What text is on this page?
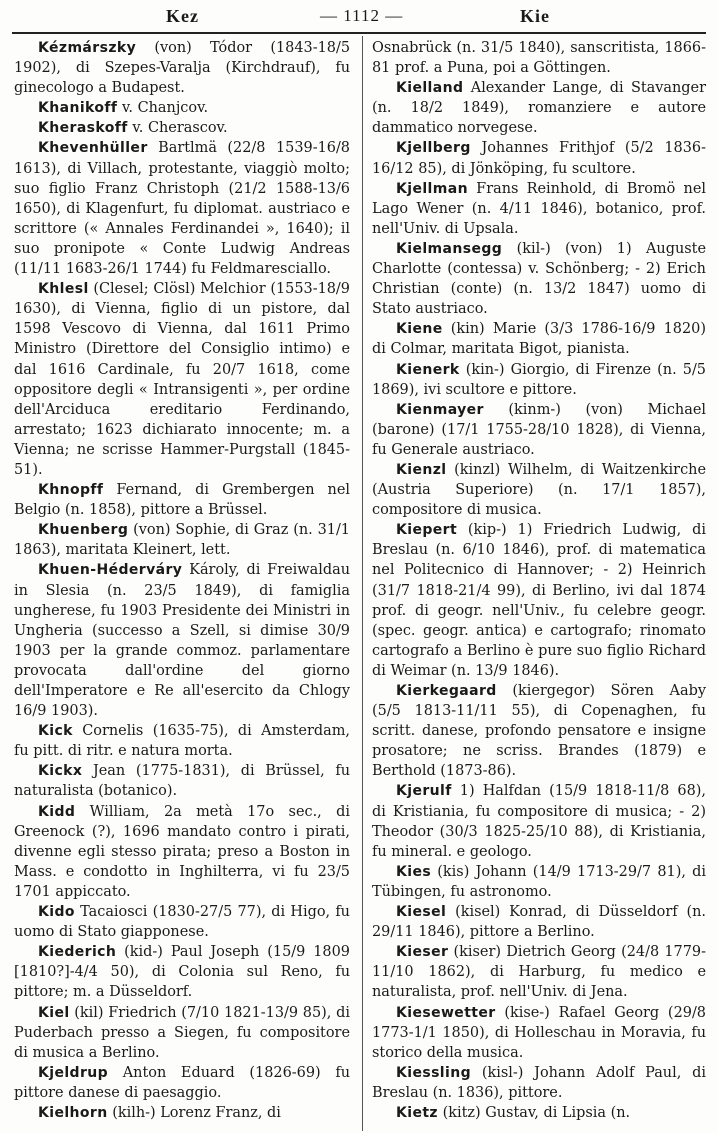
Kez	— 1112 —	Kie

Kézmárszky (von) Tódor (1843-18/5 1902), di Szepes-Varalja (Kirchdrauf), fu ginecologo a Budapest.

Khanikoff v. Chanjcov.

Kheraskoff v. Cherascov.

Khevenhüller Bartlmä (22/8 1539-16/8 1613), di Villach, protestante, viaggiò molto; suo figlio Franz Christoph (21/2 1588-13/6 1650), di Klagenfurt, fu diplomat. austriaco e scrittore (« Annales Ferdinandei », 1640); il suo pronipote « Conte Ludwig Andreas (11/11 1683-26/1 1744) fu Feldmaresciallo.

Khlesl (Clesel; Clösl) Melchior (1553-18/9 1630), di Vienna, figlio di un pistore, dal 1598 Vescovo di Vienna, dal 1611 Primo Ministro (Direttore del Consiglio intimo) e dal 1616 Cardinale, fu 20/7 1618, come oppositore degli « Intransigenti », per ordine dell'Arciduca ereditario Ferdinando, arrestato; 1623 dichiarato innocente; m. a Vienna; ne scrisse Hammer-Purgstall (1845-51).

Khnopff Fernand, di Grembergen nel Belgio (n. 1858), pittore a Brüssel.

Khuenberg (von) Sophie, di Graz (n. 31/1 1863), maritata Kleinert, lett.

Khuen-Héderváry Károly, di Freiwaldau in Slesia (n. 23/5 1849), di famiglia ungherese, fu 1903 Presidente dei Ministri in Ungheria (successo a Szell, si dimise 30/9 1903 per la grande commoz. parlamentare provocata dall'ordine del giorno dell'Imperatore e Re all'esercito da Chlogy 16/9 1903).

Kick Cornelis (1635-75), di Amsterdam, fu pitt. di ritr. e natura morta.

Kickx Jean (1775-1831), di Brüssel, fu naturalista (botanico).

Kidd William, 2a metà 17o sec., di Greenock (?), 1696 mandato contro i pirati, divenne egli stesso pirata; preso a Boston in Mass. e condotto in Inghilterra, vi fu 23/5 1701 appiccato.

Kido Tacaiosci (1830-27/5 77), di Higo, fu uomo di Stato giapponese.

Kiederich (kid-) Paul Joseph (15/9 1809 [1810?]-4/4 50), di Colonia sul Reno, fu pittore; m. a Düsseldorf.

Kiel (kil) Friedrich (7/10 1821-13/9 85), di Puderbach presso a Siegen, fu compositore di musica a Berlino.

Kjeldrup Anton Eduard (1826-69) fu pittore danese di paesaggio.

Kielhorn (kilh-) Lorenz Franz, di

Osnabrück (n. 31/5 1840), sanscritista, 1866-81 prof. a Puna, poi a Göttingen.

Kielland Alexander Lange, di Stavanger (n. 18/2 1849), romanziere e autore dammatico norvegese.

Kjellberg Johannes Frithjof (5/2 1836-16/12 85), di Jönköping, fu scultore.

Kjellman Frans Reinhold, di Bromö nel Lago Wener (n. 4/11 1846), botanico, prof. nell'Univ. di Upsala.

Kielmansegg (kil-) (von) 1) Auguste Charlotte (contessa) v. Schönberg; - 2) Erich Christian (conte) (n. 13/2 1847) uomo di Stato austriaco.

Kiene (kin) Marie (3/3 1786-16/9 1820) di Colmar, maritata Bigot, pianista.

Kienerk (kin-) Giorgio, di Firenze (n. 5/5 1869), ivi scultore e pittore.

Kienmayer (kinm-) (von) Michael (barone) (17/1 1755-28/10 1828), di Vienna, fu Generale austriaco.

Kienzl (kinzl) Wilhelm, di Waitzenkirche (Austria Superiore) (n. 17/1 1857), compositore di musica.

Kiepert (kip-) 1) Friedrich Ludwig, di Breslau (n. 6/10 1846), prof. di matematica nel Politecnico di Hannover; - 2) Heinrich (31/7 1818-21/4 99), di Berlino, ivi dal 1874 prof. di geogr. nell'Univ., fu celebre geogr. (spec. geogr. antica) e cartografo; rinomato cartografo a Berlino è pure suo figlio Richard di Weimar (n. 13/9 1846).

Kierkegaard (kiergegor) Sören Aaby (5/5 1813-11/11 55), di Copenaghen, fu scritt. danese, profondo pensatore e insigne prosatore; ne scriss. Brandes (1879) e Berthold (1873-86).

Kjerulf 1) Halfdan (15/9 1818-11/8 68), di Kristiania, fu compositore di musica; - 2) Theodor (30/3 1825-25/10 88), di Kristiania, fu mineral. e geologo.

Kies (kis) Johann (14/9 1713-29/7 81), di Tübingen, fu astronomo.

Kiesel (kisel) Konrad, di Düsseldorf (n. 29/11 1846), pittore a Berlino.

Kieser (kiser) Dietrich Georg (24/8 1779-11/10 1862), di Harburg, fu medico e naturalista, prof. nell'Univ. di Jena.

Kiesewetter (kise-) Rafael Georg (29/8 1773-1/1 1850), di Holleschau in Moravia, fu storico della musica.

Kiessling (kisl-) Johann Adolf Paul, di Breslau (n. 1836), pittore.

Kietz (kitz) Gustav, di Lipsia (n.
